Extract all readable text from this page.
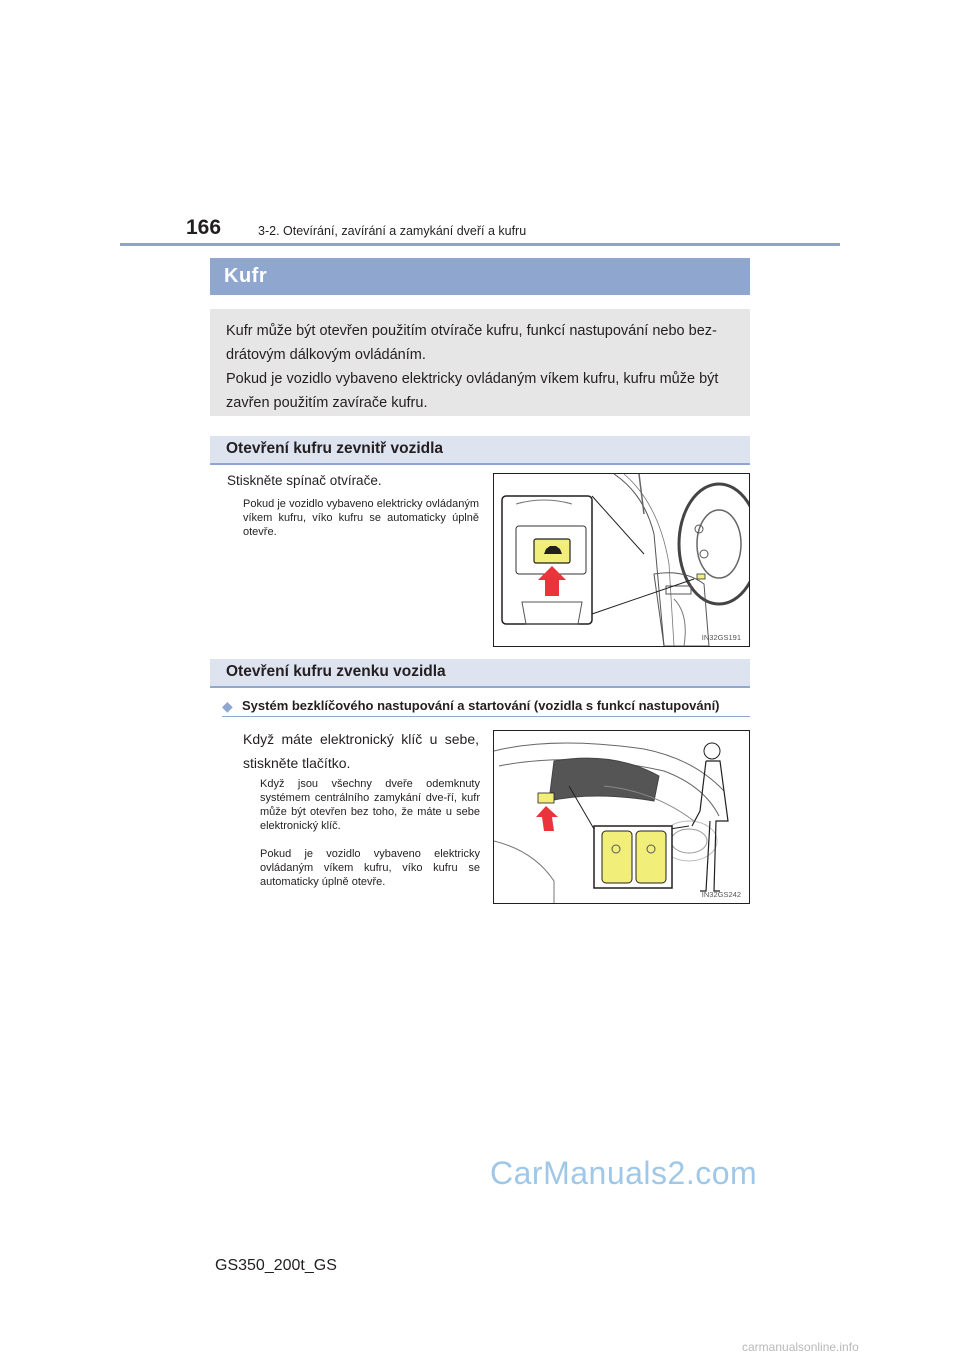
166	3-2. Otevírání, zavírání a zamykání dveří a kufru
Kufr

Kufr může být otevřen použitím otvírače kufru, funkcí nastupování nebo bez-drátovým dálkovým ovládáním.

Pokud je vozidlo vybaveno elektricky ovládaným víkem kufru, kufru může být zavřen použitím zavírače kufru.

Otevření kufru zevnitř vozidla
Stiskněte spínač otvírače.
Pokud je vozidlo vybaveno elektricky ovládaným víkem kufru, víko kufru se automaticky úplně otevře.
IN32GS191
Otevření kufru zvenku vozidla
◆ Systém bezklíčového nastupování a startování (vozidla s funkcí nastupování)
Když máte elektronický klíč u sebe, stiskněte tlačítko.
Když jsou všechny dveře odemknuty systémem centrálního zamykání dve-ří, kufr může být otevřen bez toho, že máte u sebe elektronický klíč.
Pokud je vozidlo vybaveno elektricky ovládaným víkem kufru, víko kufru se automaticky úplně otevře.
IN32GS242
CarManuals2.com
GS350_200t_GS
carmanualsonline.info
